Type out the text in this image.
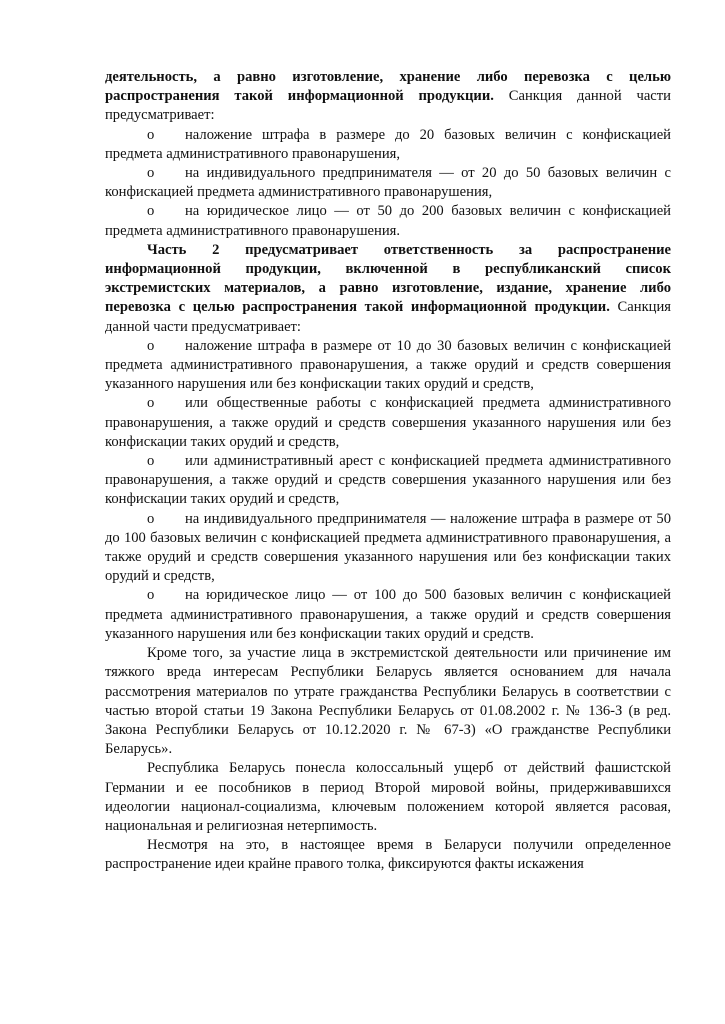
деятельность, а равно изготовление, хранение либо перевозка с целью распространения такой информационной продукции. Санкция данной части предусматривает:

o наложение штрафа в размере до 20 базовых величин с конфискацией предмета административного правонарушения,

o на индивидуального предпринимателя — от 20 до 50 базовых величин с конфискацией предмета административного правонарушения,

o на юридическое лицо — от 50 до 200 базовых величин с конфискацией предмета административного правонарушения.

Часть 2 предусматривает ответственность за распространение информационной продукции, включенной в республиканский список экстремистских материалов, а равно изготовление, издание, хранение либо перевозка с целью распространения такой информационной продукции. Санкция данной части предусматривает:

o наложение штрафа в размере от 10 до 30 базовых величин с конфискацией предмета административного правонарушения, а также орудий и средств совершения указанного нарушения или без конфискации таких орудий и средств,

o или общественные работы с конфискацией предмета административного правонарушения, а также орудий и средств совершения указанного нарушения или без конфискации таких орудий и средств,

o или административный арест с конфискацией предмета административного правонарушения, а также орудий и средств совершения указанного нарушения или без конфискации таких орудий и средств,

o на индивидуального предпринимателя — наложение штрафа в размере от 50 до 100 базовых величин с конфискацией предмета административного правонарушения, а также орудий и средств совершения указанного нарушения или без конфискации таких орудий и средств,

o на юридическое лицо — от 100 до 500 базовых величин с конфискацией предмета административного правонарушения, а также орудий и средств совершения указанного нарушения или без конфискации таких орудий и средств.

Кроме того, за участие лица в экстремистской деятельности или причинение им тяжкого вреда интересам Республики Беларусь является основанием для начала рассмотрения материалов по утрате гражданства Республики Беларусь в соответствии с частью второй статьи 19 Закона Республики Беларусь от 01.08.2002 г. № 136-З (в ред. Закона Республики Беларусь от 10.12.2020 г. № 67-З) «О гражданстве Республики Беларусь».

Республика Беларусь понесла колоссальный ущерб от действий фашистской Германии и ее пособников в период Второй мировой войны, придерживавшихся идеологии национал-социализма, ключевым положением которой является расовая, национальная и религиозная нетерпимость.

Несмотря на это, в настоящее время в Беларуси получили определенное распространение идеи крайне правого толка, фиксируются факты искажения
